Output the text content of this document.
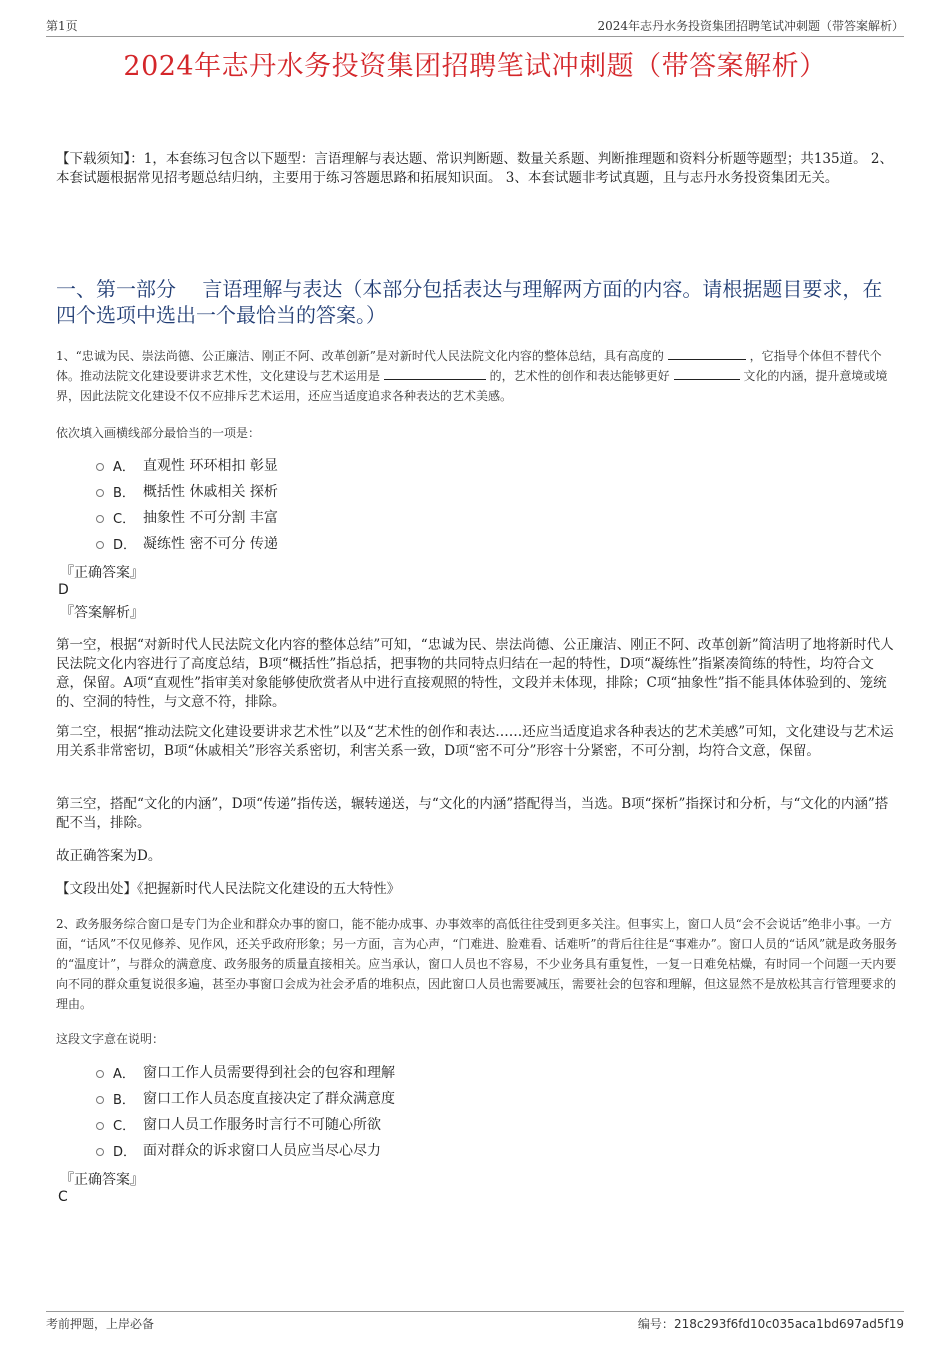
第1页	2024年志丹水务投资集团招聘笔试冲刺题（带答案解析）
2024年志丹水务投资集团招聘笔试冲刺题（带答案解析）
【下载须知】：1，本套练习包含以下题型：言语理解与表达题、常识判断题、数量关系题、判断推理题和资料分析题等题型；共135道。 2、本套试题根据常见招考题总结归纳，主要用于练习答题思路和拓展知识面。 3、本套试题非考试真题，且与志丹水务投资集团无关。
一、第一部分　 言语理解与表达（本部分包括表达与理解两方面的内容。请根据题目要求，在四个选项中选出一个最恰当的答案。）
1、“忠诚为民、崇法尚德、公正廉洁、刚正不阿、改革创新”是对新时代人民法院文化内容的整体总结，具有高度的	，它指导个体但不替代个体。推动法院文化建设要讲求艺术性，文化建设与艺术运用是	的，艺术性的创作和表达能够更好	文化的内涵，提升意境或境界，因此法院文化建设不仅不应排斥艺术运用，还应当适度追求各种表达的艺术美感。
依次填入画横线部分最恰当的一项是：
A． 直观性 环环相扣 彰显
B． 概括性 休戚相关 探析
C． 抽象性 不可分割 丰富
D． 凝练性 密不可分 传递
『正确答案』
D
『答案解析』
第一空，根据“对新时代人民法院文化内容的整体总结”可知，“忠诚为民、崇法尚德、公正廉洁、刚正不阿、改革创新”简洁明了地将新时代人民法院文化内容进行了高度总结，B项“概括性”指总括，把事物的共同特点归结在一起的特性，D项“凝练性”指紧凑简练的特性，均符合文意，保留。A项“直观性”指审美对象能够使欣赏者从中进行直接观照的特性，文段并未体现，排除；C项“抽象性”指不能具体体验到的、笼统的、空洞的特性，与文意不符，排除。
第二空，根据“推动法院文化建设要讲求艺术性”以及“艺术性的创作和表达……还应当适度追求各种表达的艺术美感”可知，文化建设与艺术运用关系非常密切，B项“休戚相关”形容关系密切，利害关系一致，D项“密不可分”形容十分紧密，不可分割，均符合文意，保留。
第三空，搭配“文化的内涵”，D项“传递”指传送，辗转递送，与“文化的内涵”搭配得当，当选。B项“探析”指探讨和分析，与“文化的内涵”搭配不当，排除。
故正确答案为D。
【文段出处】《把握新时代人民法院文化建设的五大特性》
2、政务服务综合窗口是专门为企业和群众办事的窗口，能不能办成事、办事效率的高低往往受到更多关注。但事实上，窗口人员“会不会说话”绝非小事。一方面，“话风”不仅见修养、见作风，还关乎政府形象；另一方面，言为心声，“门难进、脸难看、话难听”的背后往往是“事难办”。窗口人员的“话风”就是政务服务的“温度计”，与群众的满意度、政务服务的质量直接相关。应当承认，窗口人员也不容易，不少业务具有重复性，一复一日难免枯燥，有时同一个问题一天内要向不同的群众重复说很多遍，甚至办事窗口会成为社会矛盾的堆积点，因此窗口人员也需要减压，需要社会的包容和理解，但这显然不是放松其言行管理要求的理由。
这段文字意在说明：
A． 窗口工作人员需要得到社会的包容和理解
B． 窗口工作人员态度直接决定了群众满意度
C． 窗口人员工作服务时言行不可随心所欲
D． 面对群众的诉求窗口人员应当尽心尽力
『正确答案』
C
考前押题，上岸必备	编号：218c293f6fd10c035aca1bd697ad5f19
